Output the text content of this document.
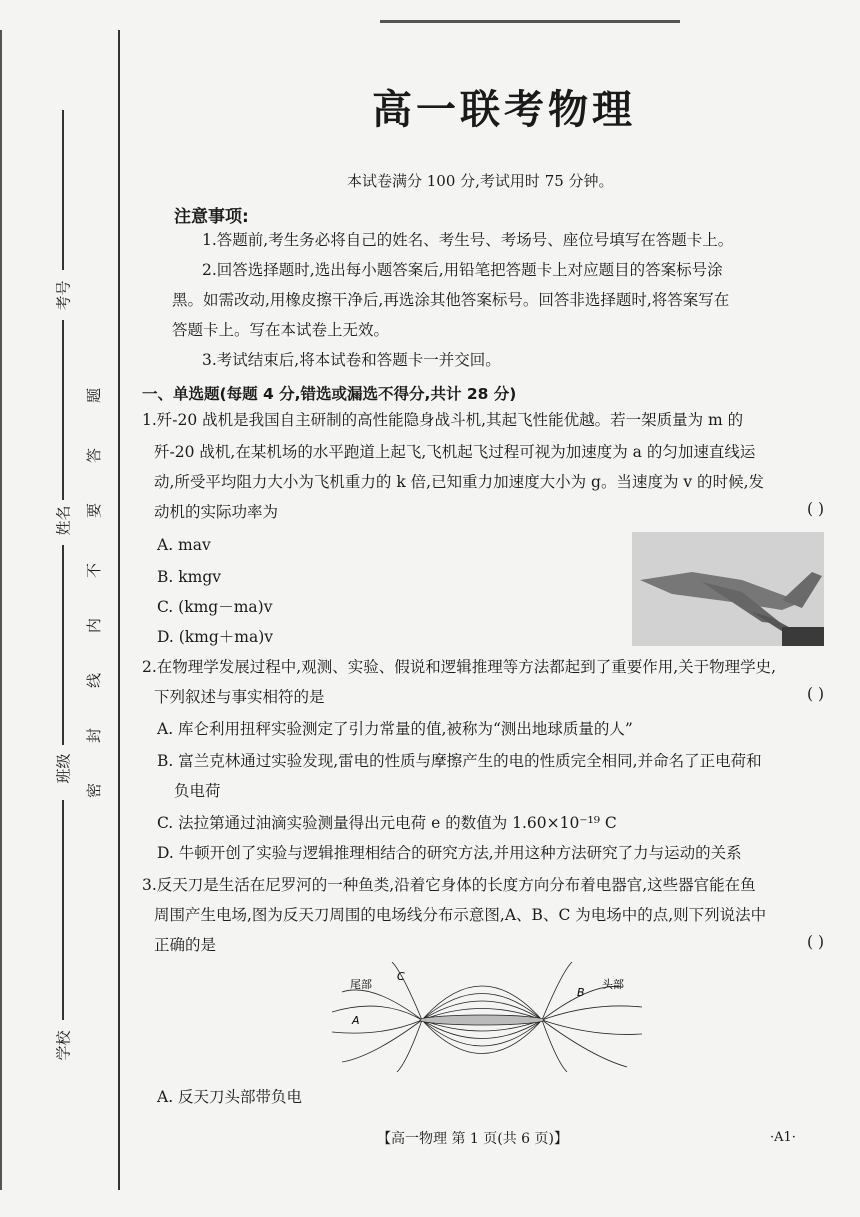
考号
姓名
班级
学校
题
答
要
不
内
线
封
密
高一联考物理
本试卷满分 100 分,考试用时 75 分钟。
注意事项:
1.答题前,考生务必将自己的姓名、考生号、考场号、座位号填写在答题卡上。
2.回答选择题时,选出每小题答案后,用铅笔把答题卡上对应题目的答案标号涂
黑。如需改动,用橡皮擦干净后,再选涂其他答案标号。回答非选择题时,将答案写在
答题卡上。写在本试卷上无效。
3.考试结束后,将本试卷和答题卡一并交回。
一、单选题(每题 4 分,错选或漏选不得分,共计 28 分)
1.歼-20 战机是我国自主研制的高性能隐身战斗机,其起飞性能优越。若一架质量为 m 的
歼-20 战机,在某机场的水平跑道上起飞,飞机起飞过程可视为加速度为 a 的匀加速直线运
动,所受平均阻力大小为飞机重力的 k 倍,已知重力加速度大小为 g。当速度为 v 的时候,发
动机的实际功率为	( )
A. mav
B. kmgv
C. (kmg－ma)v
D. (kmg＋ma)v
2.在物理学发展过程中,观测、实验、假说和逻辑推理等方法都起到了重要作用,关于物理学史,
下列叙述与事实相符的是	( )
A. 库仑利用扭秤实验测定了引力常量的值,被称为“测出地球质量的人”
B. 富兰克林通过实验发现,雷电的性质与摩擦产生的电的性质完全相同,并命名了正电荷和
负电荷
C. 法拉第通过油滴实验测量得出元电荷 e 的数值为 1.60×10⁻¹⁹ C
D. 牛顿开创了实验与逻辑推理相结合的研究方法,并用这种方法研究了力与运动的关系
3.反天刀是生活在尼罗河的一种鱼类,沿着它身体的长度方向分布着电器官,这些器官能在鱼
周围产生电场,图为反天刀周围的电场线分布示意图,A、B、C 为电场中的点,则下列说法中
正确的是	( )
尾部	头部
C
A
B
A. 反天刀头部带负电
【高一物理 第 1 页(共 6 页)】	·A1·
